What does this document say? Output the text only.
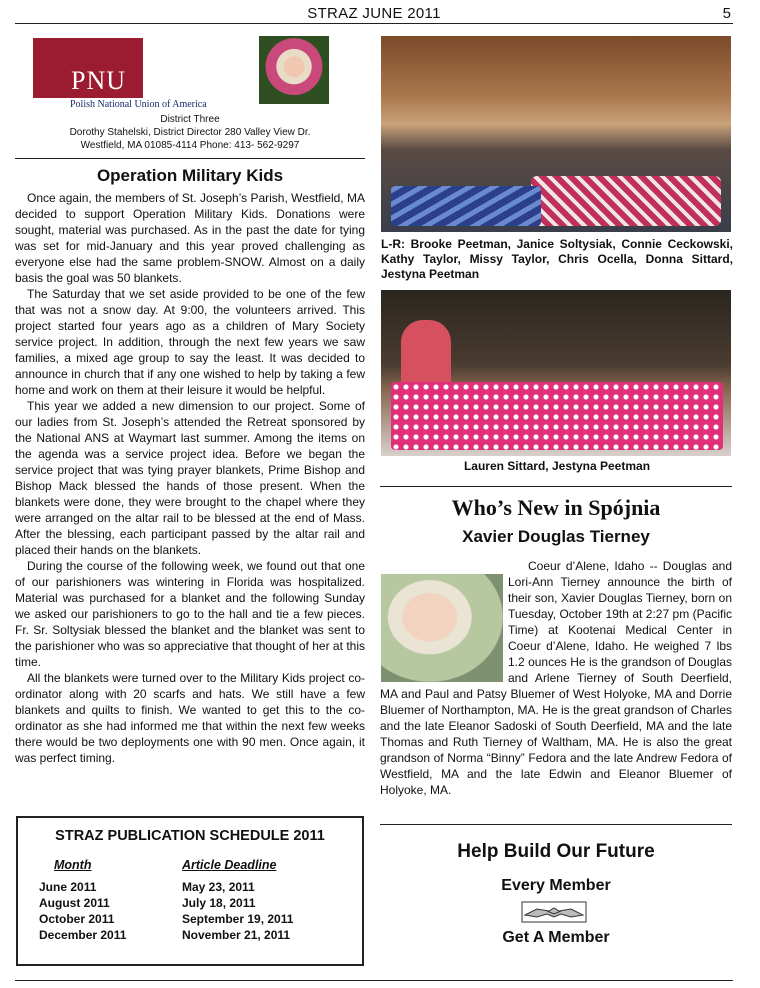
STRAZ JUNE 2011	5
PNU
Polish National Union of America
District Three
Dorothy Stahelski, District Director 280 Valley View Dr.
Westfield, MA 01085-4114 Phone: 413- 562-9297
Operation Military Kids

Once again, the members of St. Joseph’s Parish, Westfield, MA decided to support Operation Military Kids. Donations were sought, material was purchased. As in the past the date for tying was set for mid-January and this year proved challenging as everyone else had the same problem-SNOW. Almost on a daily basis the goal was 50 blankets.

The Saturday that we set aside provided to be one of the few that was not a snow day. At 9:00, the volunteers arrived. This project started four years ago as a children of Mary Society service project. In addition, through the next few years we saw families, a mixed age group to say the least. It was decided to announce in church that if any one wished to help by taking a few home and work on them at their leisure it would be helpful.

This year we added a new dimension to our project. Some of our ladies from St. Joseph’s attended the Retreat sponsored by the National ANS at Waymart last summer. Among the items on the agenda was a service project idea. Before we began the service project that was tying prayer blankets, Prime Bishop and Bishop Mack blessed the hands of those present. When the blankets were done, they were brought to the chapel where they were arranged on the altar rail to be blessed at the end of Mass. After the blessing, each participant passed by the altar rail and placed their hands on the blankets.

During the course of the following week, we found out that one of our parishioners was wintering in Florida was hospitalized. Material was purchased for a blanket and the following Sunday we asked our parishioners to go to the hall and tie a few pieces. Fr. Sr. Soltysiak blessed the blanket and the blanket was sent to the parishioner who was so appreciative that thought of her at this time.

All the blankets were turned over to the Military Kids project co-ordinator along with 20 scarfs and hats. We still have a few blankets and quilts to finish. We wanted to get this to the co-ordinator as she had informed me that within the next few weeks there would be two deployments one with 90 men. Once again, it was perfect timing.

STRAZ PUBLICATION SCHEDULE 2011
Month	Article Deadline
June 2011	May 23, 2011
August 2011	July 18, 2011
October 2011	September 19, 2011
December 2011	November 21, 2011
L-R: Brooke Peetman, Janice Soltysiak, Connie Ceckowski, Kathy Taylor, Missy Taylor, Chris Ocella, Donna Sittard, Jestyna Peetman
Lauren Sittard, Jestyna Peetman
Who’s New in Spójnia
Xavier Douglas Tierney

Coeur d’Alene, Idaho -- Douglas and Lori-Ann Tierney announce the birth of their son, Xavier Douglas Tierney, born on Tuesday, October 19th at 2:27 pm (Pacific Time) at Kootenai Medical Center in Coeur d’Alene, Idaho. He weighed 7 lbs 1.2 ounces He is the grandson of Douglas and Arlene Tierney of South Deerfield, MA and Paul and Patsy Bluemer of West Holyoke, MA and Dorrie Bluemer of Northampton, MA. He is the great grandson of Charles and the late Eleanor Sadoski of South Deerfield, MA and the late Thomas and Ruth Tierney of Waltham, MA. He is also the great grandson of Norma “Binny” Fedora and the late Andrew Fedora of Westfield, MA and the late Edwin and Eleanor Bluemer of Holyoke, MA.

Help Build Our Future
Every Member
Get A Member
